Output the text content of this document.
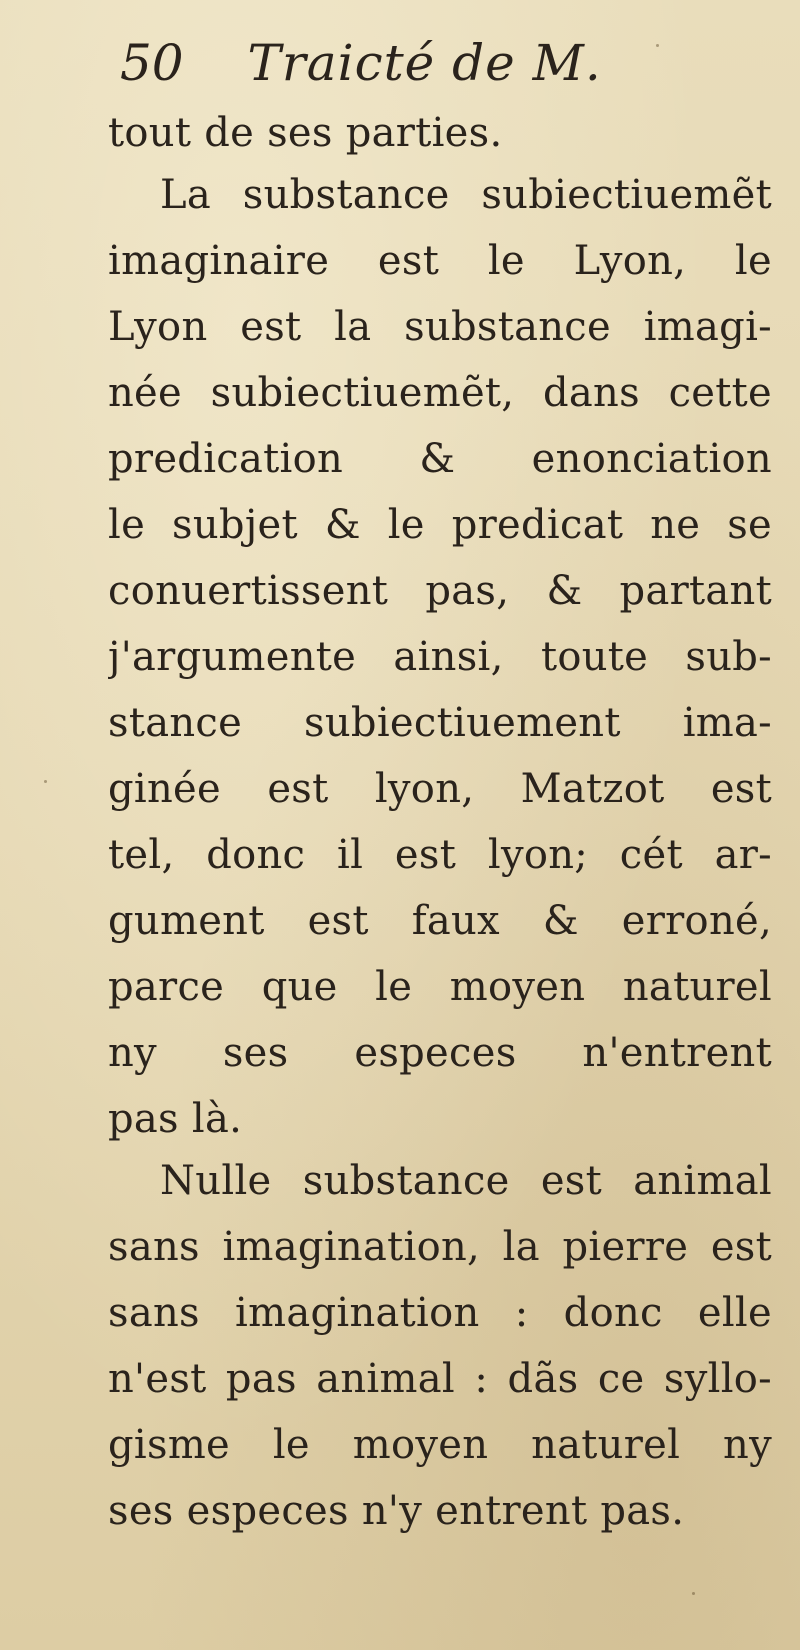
50 Traicté de M.
tout de ses parties.
La substance subiectiuemẽt
imaginaire est le Lyon, le
Lyon est la substance imagi-
née subiectiuemẽt, dans cette
predication & enonciation
le subjet & le predicat ne se
conuertissent pas, & partant
j'argumente ainsi, toute sub-
stance subiectiuement ima-
ginée est lyon, Matzot est
tel, donc il est lyon; cét ar-
gument est faux & erroné,
parce que le moyen naturel
ny ses especes n'entrent
pas là.
Nulle substance est animal
sans imagination, la pierre est
sans imagination : donc elle
n'est pas animal : dãs ce syllo-
gisme le moyen naturel ny
ses especes n'y entrent pas.
